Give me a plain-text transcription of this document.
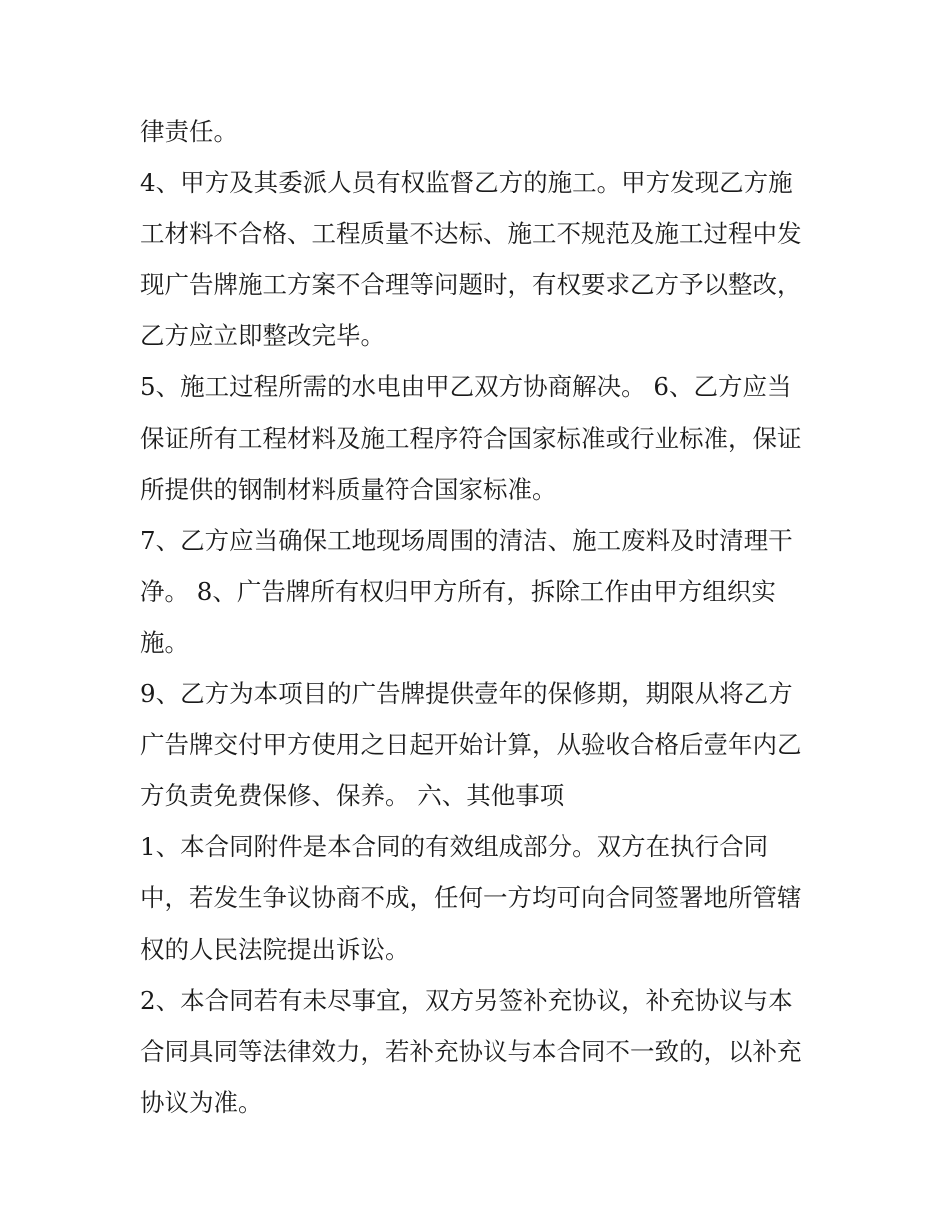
律责任。
4、甲方及其委派人员有权监督乙方的施工。甲方发现乙方施
工材料不合格、工程质量不达标、施工不规范及施工过程中发
现广告牌施工方案不合理等问题时，有权要求乙方予以整改，
乙方应立即整改完毕。
5、施工过程所需的水电由甲乙双方协商解决。 6、乙方应当
保证所有工程材料及施工程序符合国家标准或行业标准，保证
所提供的钢制材料质量符合国家标准。
7、乙方应当确保工地现场周围的清洁、施工废料及时清理干
净。 8、广告牌所有权归甲方所有，拆除工作由甲方组织实
施。
9、乙方为本项目的广告牌提供壹年的保修期，期限从将乙方
广告牌交付甲方使用之日起开始计算，从验收合格后壹年内乙
方负责免费保修、保养。 六、其他事项
1、本合同附件是本合同的有效组成部分。双方在执行合同
中，若发生争议协商不成，任何一方均可向合同签署地所管辖
权的人民法院提出诉讼。
2、本合同若有未尽事宜，双方另签补充协议，补充协议与本
合同具同等法律效力，若补充协议与本合同不一致的，以补充
协议为准。
